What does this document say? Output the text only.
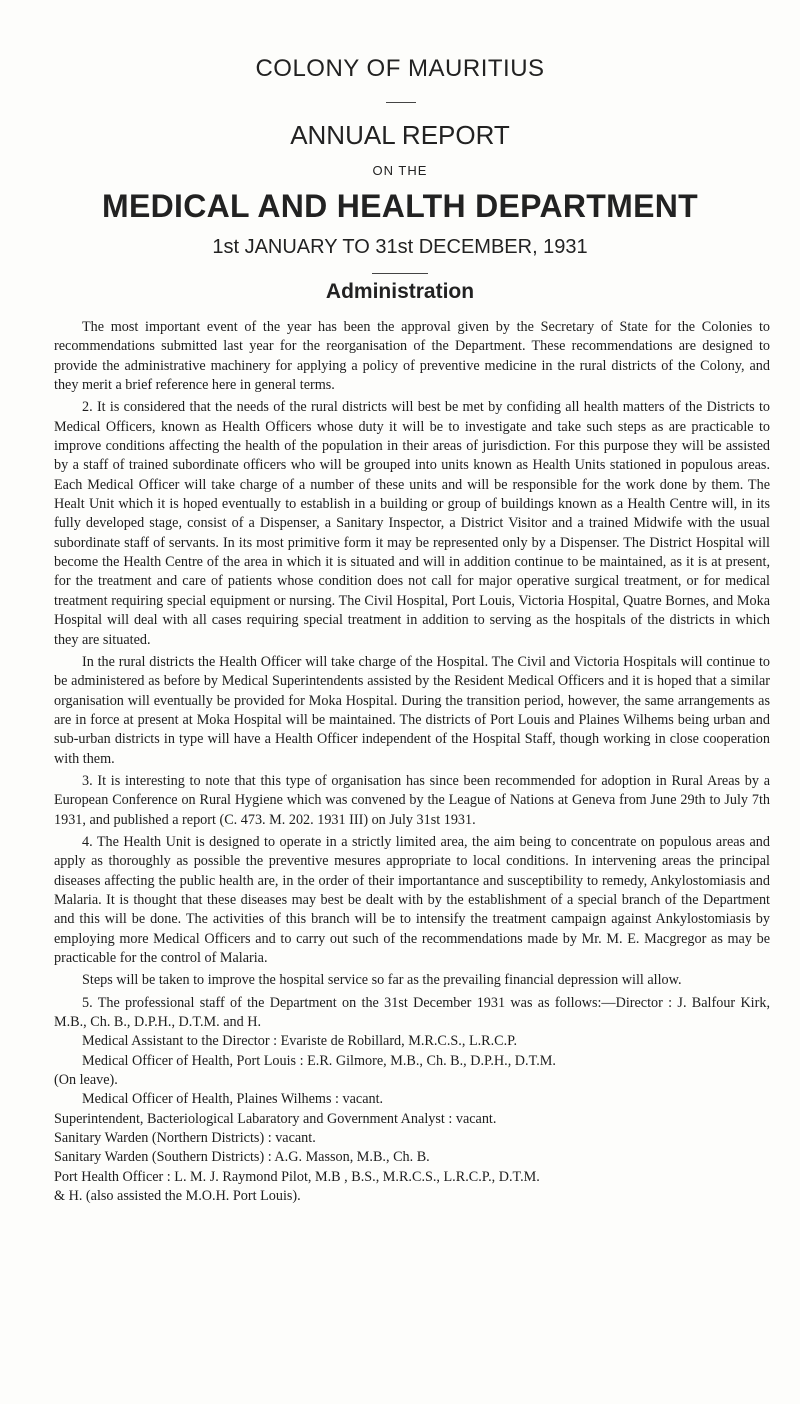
COLONY OF MAURITIUS
ANNUAL REPORT
ON THE
MEDICAL AND HEALTH DEPARTMENT
1st JANUARY TO 31st DECEMBER, 1931
Administration

The most important event of the year has been the approval given by the Secretary of State for the Colonies to recommendations submitted last year for the reorganisation of the Department. These recommendations are designed to provide the administrative machinery for applying a policy of preventive medicine in the rural districts of the Colony, and they merit a brief reference here in general terms.

2. It is considered that the needs of the rural districts will best be met by confiding all health matters of the Districts to Medical Officers, known as Health Officers whose duty it will be to investigate and take such steps as are practicable to improve conditions affecting the health of the population in their areas of jurisdiction. For this purpose they will be assisted by a staff of trained subordinate officers who will be grouped into units known as Health Units stationed in populous areas. Each Medical Officer will take charge of a number of these units and will be responsible for the work done by them. The Healt Unit which it is hoped eventually to establish in a building or group of buildings known as a Health Centre will, in its fully developed stage, consist of a Dispenser, a Sanitary Inspector, a District Visitor and a trained Midwife with the usual subordinate staff of servants. In its most primitive form it may be represented only by a Dispenser. The District Hospital will become the Health Centre of the area in which it is situated and will in addition continue to be maintained, as it is at present, for the treatment and care of patients whose condition does not call for major operative surgical treatment, or for medical treatment requiring special equipment or nursing. The Civil Hospital, Port Louis, Victoria Hospital, Quatre Bornes, and Moka Hospital will deal with all cases requiring special treatment in addition to serving as the hospitals of the districts in which they are situated.

In the rural districts the Health Officer will take charge of the Hospital. The Civil and Victoria Hospitals will continue to be administered as before by Medical Superintendents assisted by the Resident Medical Officers and it is hoped that a similar organisation will eventually be provided for Moka Hospital. During the transition period, however, the same arrangements as are in force at present at Moka Hospital will be maintained. The districts of Port Louis and Plaines Wilhems being urban and sub-urban districts in type will have a Health Officer independent of the Hospital Staff, though working in close cooperation with them.

3. It is interesting to note that this type of organisation has since been recommended for adoption in Rural Areas by a European Conference on Rural Hygiene which was convened by the League of Nations at Geneva from June 29th to July 7th 1931, and published a report (C. 473. M. 202. 1931 III) on July 31st 1931.

4. The Health Unit is designed to operate in a strictly limited area, the aim being to concentrate on populous areas and apply as thoroughly as possible the preventive mesures appropriate to local conditions. In intervening areas the principal diseases affecting the public health are, in the order of their importantance and susceptibility to remedy, Ankylostomiasis and Malaria. It is thought that these diseases may best be dealt with by the establishment of a special branch of the Department and this will be done. The activities of this branch will be to intensify the treatment campaign against Ankylostomiasis by employing more Medical Officers and to carry out such of the recommendations made by Mr. M. E. Macgregor as may be practicable for the control of Malaria.

Steps will be taken to improve the hospital service so far as the prevailing financial depression will allow.

5. The professional staff of the Department on the 31st December 1931 was as follows:—Director : J. Balfour Kirk, M.B., Ch. B., D.P.H., D.T.M. and H.

Medical Assistant to the Director : Evariste de Robillard, M.R.C.S., L.R.C.P.
Medical Officer of Health, Port Louis : E.R. Gilmore, M.B., Ch. B., D.P.H., D.T.M.
(On leave).
Medical Officer of Health, Plaines Wilhems : vacant.
Superintendent, Bacteriological Labaratory and Government Analyst : vacant.
Sanitary Warden (Northern Districts) : vacant.
Sanitary Warden (Southern Districts) : A.G. Masson, M.B., Ch. B.
Port Health Officer : L. M. J. Raymond Pilot, M.B , B.S., M.R.C.S., L.R.C.P., D.T.M.
& H. (also assisted the M.O.H. Port Louis).
